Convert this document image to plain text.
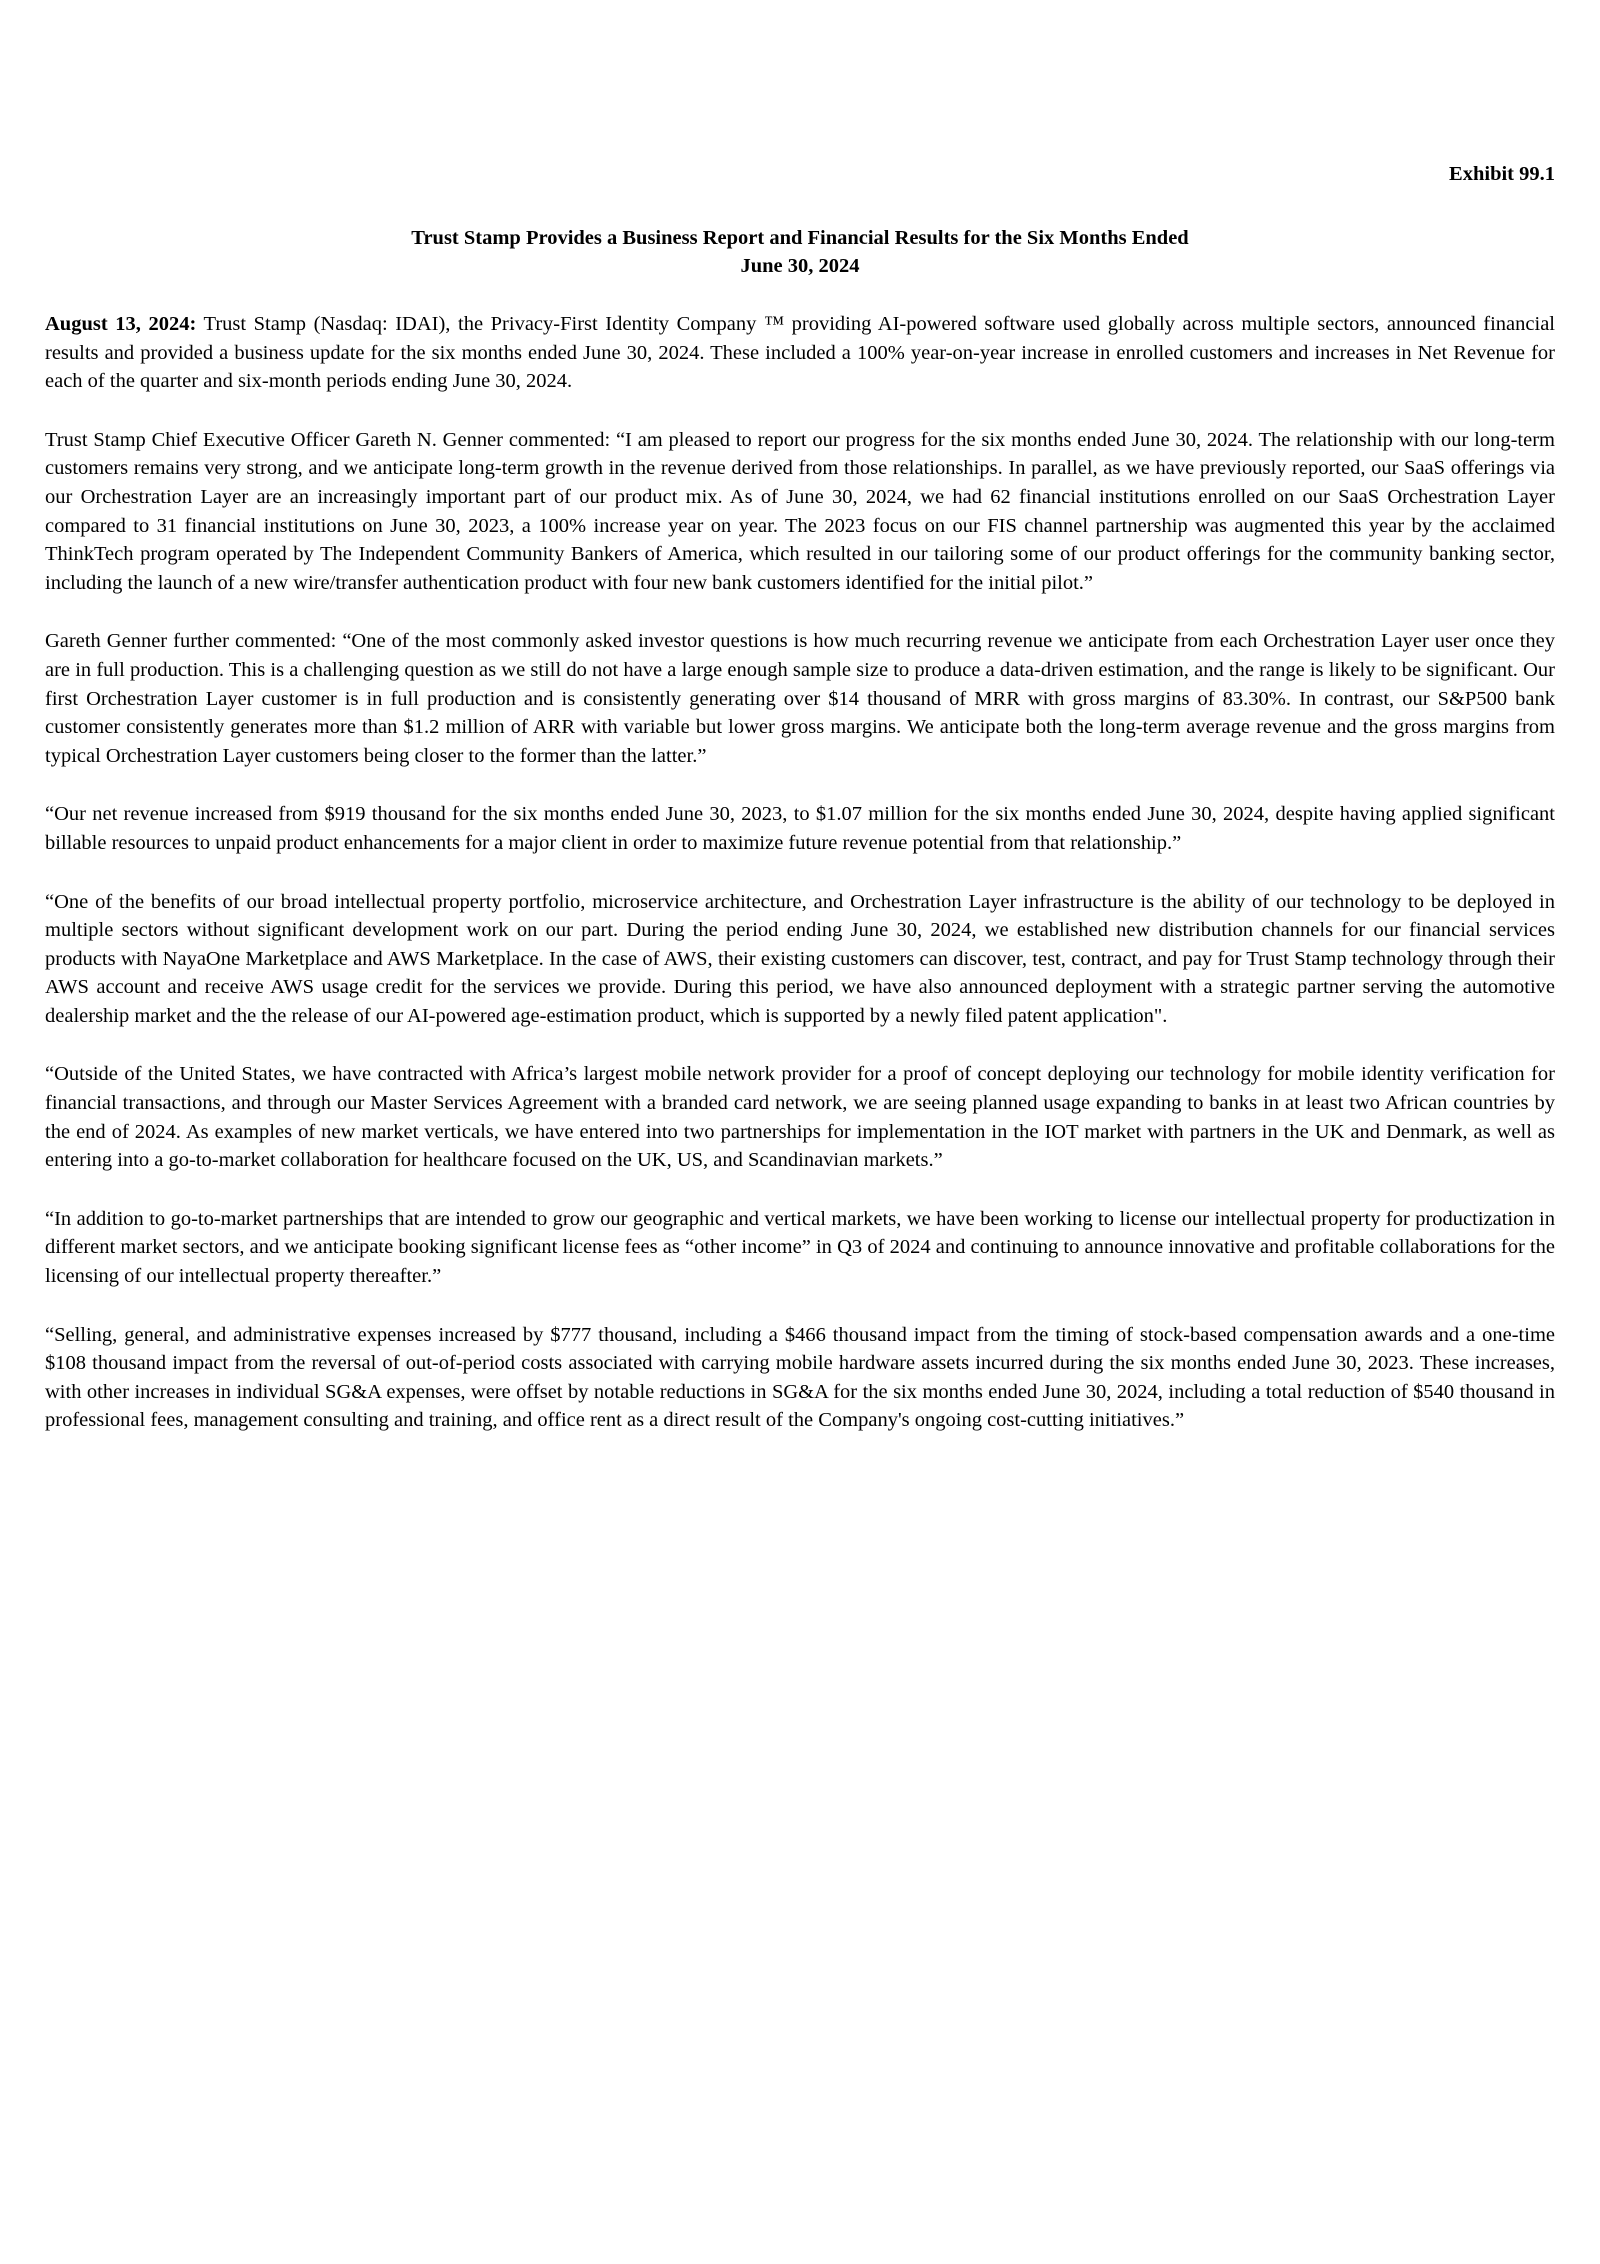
Exhibit 99.1

Trust Stamp Provides a Business Report and Financial Results for the Six Months Ended
June 30, 2024

August 13, 2024: Trust Stamp (Nasdaq: IDAI), the Privacy-First Identity Company ™ providing AI-powered software used globally across multiple sectors, announced financial results and provided a business update for the six months ended June 30, 2024. These included a 100% year-on-year increase in enrolled customers and increases in Net Revenue for each of the quarter and six-month periods ending June 30, 2024.

Trust Stamp Chief Executive Officer Gareth N. Genner commented: “I am pleased to report our progress for the six months ended June 30, 2024. The relationship with our long-term customers remains very strong, and we anticipate long-term growth in the revenue derived from those relationships. In parallel, as we have previously reported, our SaaS offerings via our Orchestration Layer are an increasingly important part of our product mix. As of June 30, 2024, we had 62 financial institutions enrolled on our SaaS Orchestration Layer compared to 31 financial institutions on June 30, 2023, a 100% increase year on year. The 2023 focus on our FIS channel partnership was augmented this year by the acclaimed ThinkTech program operated by The Independent Community Bankers of America, which resulted in our tailoring some of our product offerings for the community banking sector, including the launch of a new wire/transfer authentication product with four new bank customers identified for the initial pilot.”

Gareth Genner further commented: “One of the most commonly asked investor questions is how much recurring revenue we anticipate from each Orchestration Layer user once they are in full production. This is a challenging question as we still do not have a large enough sample size to produce a data-driven estimation, and the range is likely to be significant. Our first Orchestration Layer customer is in full production and is consistently generating over $14 thousand of MRR with gross margins of 83.30%. In contrast, our S&P500 bank customer consistently generates more than $1.2 million of ARR with variable but lower gross margins. We anticipate both the long-term average revenue and the gross margins from typical Orchestration Layer customers being closer to the former than the latter.”

“Our net revenue increased from $919 thousand for the six months ended June 30, 2023, to $1.07 million for the six months ended June 30, 2024, despite having applied significant billable resources to unpaid product enhancements for a major client in order to maximize future revenue potential from that relationship.”

“One of the benefits of our broad intellectual property portfolio, microservice architecture, and Orchestration Layer infrastructure is the ability of our technology to be deployed in multiple sectors without significant development work on our part. During the period ending June 30, 2024, we established new distribution channels for our financial services products with NayaOne Marketplace and AWS Marketplace. In the case of AWS, their existing customers can discover, test, contract, and pay for Trust Stamp technology through their AWS account and receive AWS usage credit for the services we provide. During this period, we have also announced deployment with a strategic partner serving the automotive dealership market and the the release of our AI-powered age-estimation product, which is supported by a newly filed patent application".

“Outside of the United States, we have contracted with Africa’s largest mobile network provider for a proof of concept deploying our technology for mobile identity verification for financial transactions, and through our Master Services Agreement with a branded card network, we are seeing planned usage expanding to banks in at least two African countries by the end of 2024. As examples of new market verticals, we have entered into two partnerships for implementation in the IOT market with partners in the UK and Denmark, as well as entering into a go-to-market collaboration for healthcare focused on the UK, US, and Scandinavian markets.”

“In addition to go-to-market partnerships that are intended to grow our geographic and vertical markets, we have been working to license our intellectual property for productization in different market sectors, and we anticipate booking significant license fees as “other income” in Q3 of 2024 and continuing to announce innovative and profitable collaborations for the licensing of our intellectual property thereafter.”

“Selling, general, and administrative expenses increased by $777 thousand, including a $466 thousand impact from the timing of stock-based compensation awards and a one-time $108 thousand impact from the reversal of out-of-period costs associated with carrying mobile hardware assets incurred during the six months ended June 30, 2023. These increases, with other increases in individual SG&A expenses, were offset by notable reductions in SG&A for the six months ended June 30, 2024, including a total reduction of $540 thousand in professional fees, management consulting and training, and office rent as a direct result of the Company's ongoing cost-cutting initiatives.”
